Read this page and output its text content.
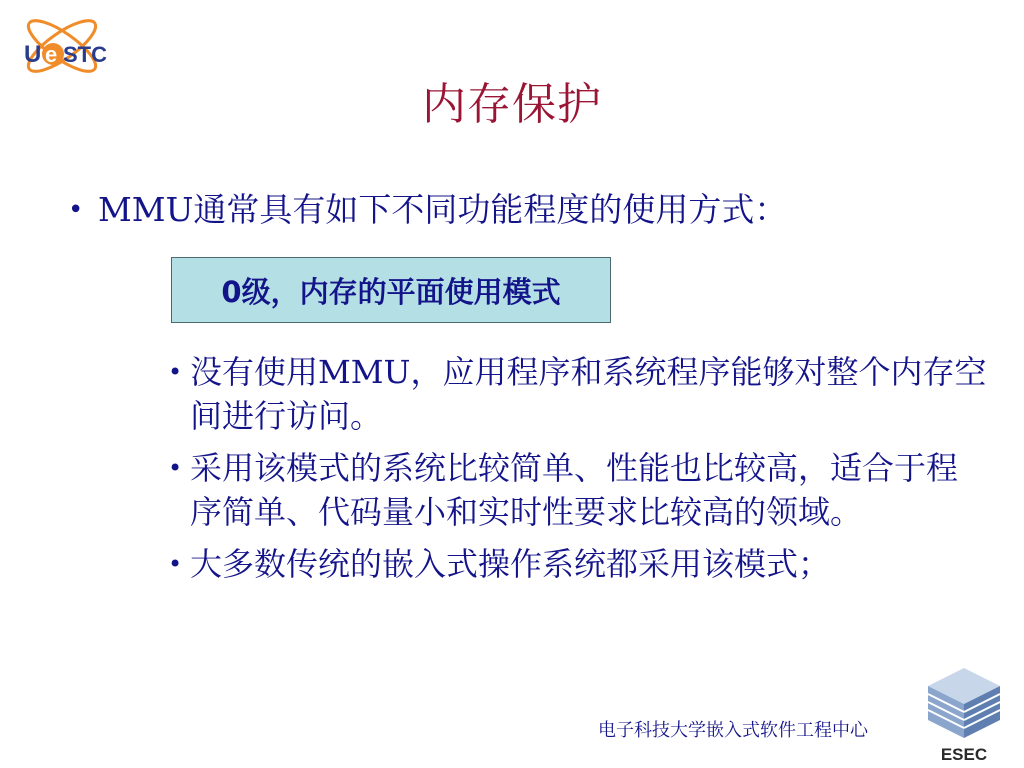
U e STC
内存保护
• MMU通常具有如下不同功能程度的使用方式：
0级，内存的平面使用模式
• 没有使用MMU，应用程序和系统程序能够对整个内存空间进行访问。
• 采用该模式的系统比较简单、性能也比较高，适合于程序简单、代码量小和实时性要求比较高的领域。
• 大多数传统的嵌入式操作系统都采用该模式；
电子科技大学嵌入式软件工程中心
ESEC
